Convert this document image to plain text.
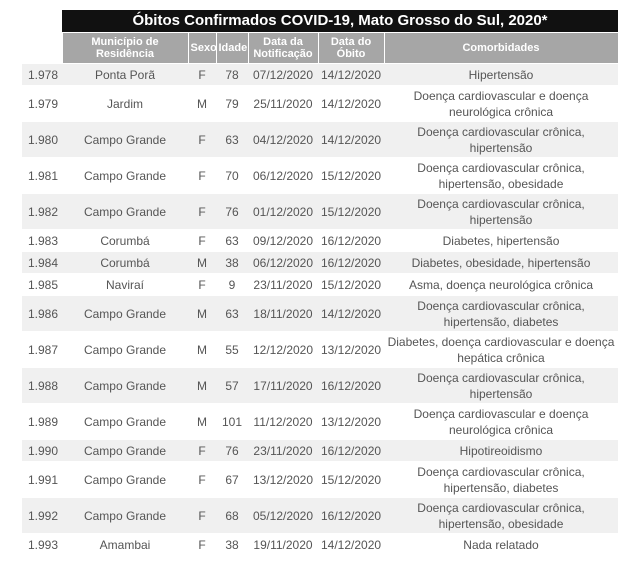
Óbitos Confirmados COVID-19, Mato Grosso do Sul, 2020*
	Município de Residência	Sexo	Idade	Data da Notificação	Data do Óbito	Comorbidades
1.978	Ponta Porã	F	78	07/12/2020	14/12/2020	Hipertensão
1.979	Jardim	M	79	25/11/2020	14/12/2020	Doença cardiovascular e doença neurológica crônica
1.980	Campo Grande	F	63	04/12/2020	14/12/2020	Doença cardiovascular crônica, hipertensão
1.981	Campo Grande	F	70	06/12/2020	15/12/2020	Doença cardiovascular crônica, hipertensão, obesidade
1.982	Campo Grande	F	76	01/12/2020	15/12/2020	Doença cardiovascular crônica, hipertensão
1.983	Corumbá	F	63	09/12/2020	16/12/2020	Diabetes, hipertensão
1.984	Corumbá	M	38	06/12/2020	16/12/2020	Diabetes, obesidade, hipertensão
1.985	Naviraí	F	9	23/11/2020	15/12/2020	Asma, doença neurológica crônica
1.986	Campo Grande	M	63	18/11/2020	14/12/2020	Doença cardiovascular crônica, hipertensão, diabetes
1.987	Campo Grande	M	55	12/12/2020	13/12/2020	Diabetes, doença cardiovascular e doença hepática crônica
1.988	Campo Grande	M	57	17/11/2020	16/12/2020	Doença cardiovascular crônica, hipertensão
1.989	Campo Grande	M	101	11/12/2020	13/12/2020	Doença cardiovascular e doença neurológica crônica
1.990	Campo Grande	F	76	23/11/2020	16/12/2020	Hipotireoidismo
1.991	Campo Grande	F	67	13/12/2020	15/12/2020	Doença cardiovascular crônica, hipertensão, diabetes
1.992	Campo Grande	F	68	05/12/2020	16/12/2020	Doença cardiovascular crônica, hipertensão, obesidade
1.993	Amambai	F	38	19/11/2020	14/12/2020	Nada relatado
